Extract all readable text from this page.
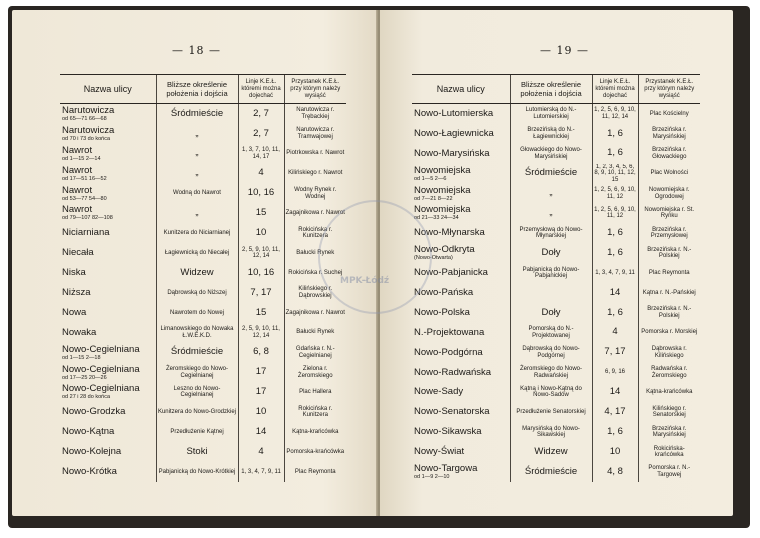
— 18 —
Nazwa ulicy	Bliższe określenie położenia i dojścia	Linje K.E.Ł. któremi można dojechać	Przystanek K.E.Ł. przy którym należy wysiąść

Narutowicza
od 65—71 66—68	Śródmieście	2, 7	Narutowicza r. Trębackiej

Narutowicza
od 70 i 73 do końca	„	2, 7	Narutowicza r. Tramwajowej

Nawrot
od 1—15 2—14	„	1, 3, 7, 10, 11, 14, 17	Piotrkowska r. Nawrot

Nawrot
od 17—51 16—52	„	4	Kilińskiego r. Nawrot

Nawrot
od 53—77 54—80	Wodną do Nawrot	10, 16	Wodny Rynek r. Wodnej

Nawrot
od 79—107 82—108	„	15	Zagajnikowa r. Nawrot

Niciarniana	Kunitzera do Niciarnianej	10	Rokicińska r. Kunitzera

Niecała	Łagiewnicką do Niecałej	2, 5, 9, 10, 11, 12, 14	Bałucki Rynek

Niska	Widzew	10, 16	Rokicińska r. Suchej

Niższa	Dąbrowską do Niższej	7, 17	Kilińskiego r. Dąbrowskiej

Nowa	Nawrotem do Nowej	15	Zagajnikowa r. Nawrot

Nowaka	Limanowskiego do Nowaka Ł.W.E.K.D.	2, 5, 9, 10, 11, 12, 14	Bałucki Rynek

Nowo-Cegielniana
od 1—15 2—18	Śródmieście	6, 8	Gdańska r. N.-Cegielnianej

Nowo-Cegielniana
od 17—25 20—26	Żeromskiego do Nowo-Cegielnianej	17	Zielona r. Żeromskiego

Nowo-Cegielniana
od 27 i 28 do końca	Leszno do Nowo-Cegielnianej	17	Plac Hallera

Nowo-Grodzka	Kunitzera do Nowo-Grodzkiej	10	Rokicińska r. Kunitzera

Nowo-Kątna	Przedłużenie Kątnej	14	Kątna-krańcówka

Nowo-Kolejna	Stoki	4	Pomorska-krańcówka

Nowo-Krótka	Pabjanicką do Nowo-Krótkiej	1, 3, 4, 7, 9, 11	Plac Reymonta
— 19 —
Nazwa ulicy	Bliższe określenie położenia i dojścia	Linje K.E.Ł. któremi można dojechać	Przystanek K.E.Ł. przy którym należy wysiąść

Nowo-Lutomierska	Lutomierską do N.-Lutomierskiej	1, 2, 5, 6, 9, 10, 11, 12, 14	Plac Kościelny

Nowo-Łagiewnicka	Brzezińską do N.-Łagiewnickiej	1, 6	Brzezińska r. Marysińskiej

Nowo-Marysińska	Głowackiego do Nowo-Marysińskiej	1, 6	Brzezińska r. Głowackiego

Nowomiejska
od 1—5 2—6	Śródmieście	1, 2, 3, 4, 5, 6, 8, 9, 10, 11, 12, 15	Plac Wolności

Nowomiejska
od 7—21 8—22	„	1, 2, 5, 6, 9, 10, 11, 12	Nowomiejska r. Ogrodowej

Nowomiejska
od 21—33 24—34	„	1, 2, 5, 6, 9, 10, 11, 12	Nowomiejska r. St. Rynku

Nowo-Młynarska	Przemysłową do Nowo-Młynarskiej	1, 6	Brzezińska r. Przemysłowej

Nowo-Odkryta
(Nowo-Otwarta)	Doły	1, 6	Brzezińska r. N.-Polskiej

Nowo-Pabjanicka	Pabjanicką do Nowo-Pabjanickiej	1, 3, 4, 7, 9, 11	Plac Reymonta

Nowo-Pańska		14	Kątna r. N.-Pańskiej

Nowo-Polska	Doły	1, 6	Brzezińska r. N.-Polskiej

N.-Projektowana	Pomorską do N.-Projektowanej	4	Pomorska r. Morskiej

Nowo-Podgórna	Dąbrowską do Nowo-Podgórnej	7, 17	Dąbrowska r. Kilińskiego

Nowo-Radwańska	Żeromskiego do Nowo-Radwańskiej	6, 9, 16	Radwańska r. Żeromskiego

Nowe-Sady	Kątną i Nowo-Kątną do Nowo-Sadów	14	Kątna-krańcówka

Nowo-Senatorska	Przedłużenie Senatorskiej	4, 17	Kilińskiego r. Senatorskiej

Nowo-Sikawska	Marysińską do Nowo-Sikawskiej	1, 6	Brzezińska r. Marysińskiej

Nowy-Świat	Widzew	10	Rokicińska-krańcówka

Nowo-Targowa
od 1—9 2—10	Śródmieście	4, 8	Pomorska r. N.-Targowej
MPK-Łódź
